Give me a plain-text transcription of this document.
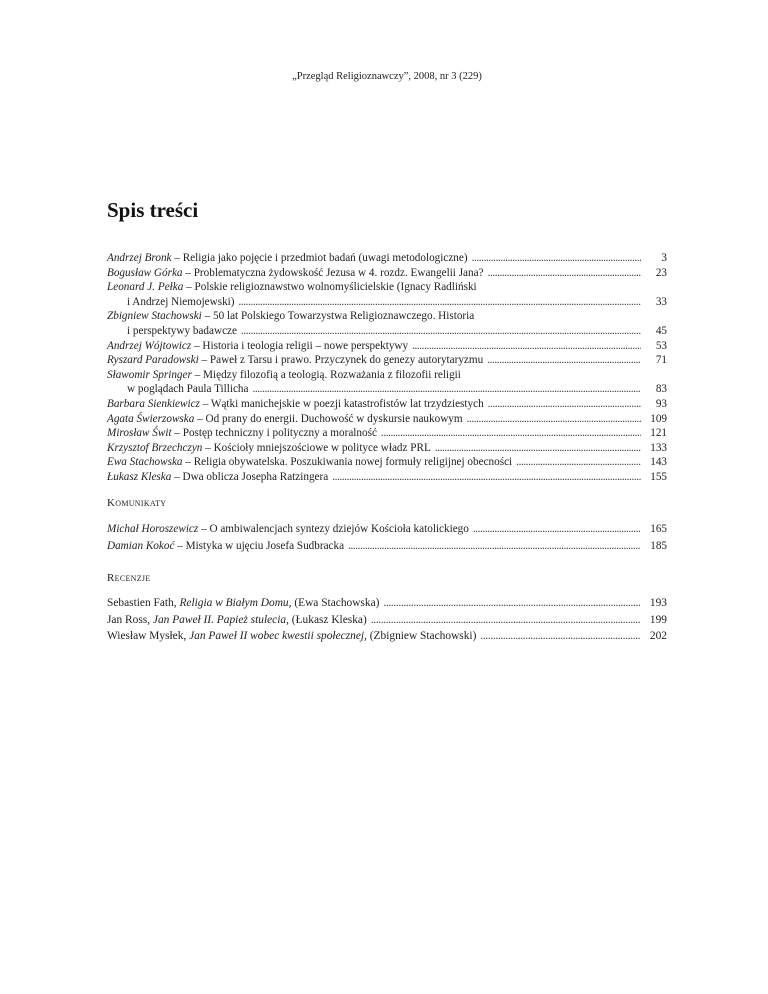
„Przegląd Religioznawczy”, 2008, nr 3 (229)
Spis treści
Andrzej Bronk – Religia jako pojęcie i przedmiot badań (uwagi metodologiczne) . . .	3
Bogusław Górka – Problematyczna żydowskość Jezusa w 4. rozdz. Ewangelii Jana? . . .	23
Leonard J. Pełka – Polskie religioznawstwo wolnomyślicielskie (Ignacy Radliński
i Andrzej Niemojewski) . . .	33
Zbigniew Stachowski – 50 lat Polskiego Towarzystwa Religioznawczego. Historia
i perspektywy badawcze . . .	45
Andrzej Wójtowicz – Historia i teologia religii – nowe perspektywy . . .	53
Ryszard Paradowski – Paweł z Tarsu i prawo. Przyczynek do genezy autorytaryzmu . . .	71
Sławomir Springer – Między filozofią a teologią. Rozważania z filozofii religii
w poglądach Paula Tillicha . . .	83
Barbara Sienkiewicz – Wątki manichejskie w poezji katastrofistów lat trzydziestych . . .	93
Agata Świerzowska – Od prany do energii. Duchowość w dyskursie naukowym . . .	109
Mirosław Świt – Postęp techniczny i polityczny a moralność . . .	121
Krzysztof Brzechczyn – Kościoły mniejszościowe w polityce władz PRL . . .	133
Ewa Stachowska – Religia obywatelska. Poszukiwania nowej formuły religijnej obecności . . .	143
Łukasz Kleska – Dwa oblicza Josepha Ratzingera . . .	155
Komunikaty
Michał Horoszewicz – O ambiwalencjach syntezy dziejów Kościoła katolickiego . . .	165
Damian Kokoć – Mistyka w ujęciu Josefa Sudbracka . . .	185
Recenzje
Sebastien Fath, Religia w Białym Domu, (Ewa Stachowska) . . .	193
Jan Ross, Jan Paweł II. Papież stulecia, (Łukasz Kleska) . . .	199
Wiesław Mysłek, Jan Paweł II wobec kwestii społecznej, (Zbigniew Stachowski) . . .	202
